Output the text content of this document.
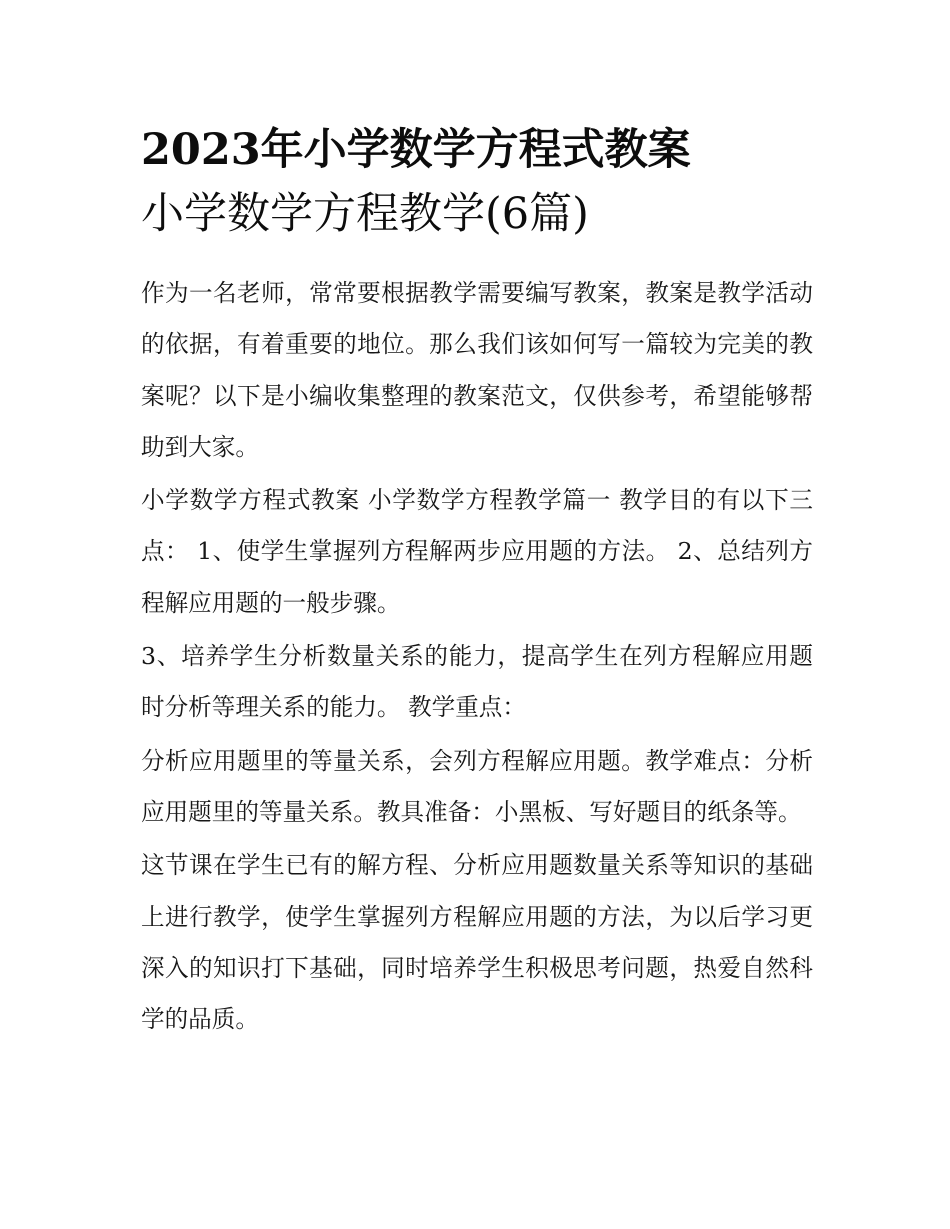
2023年小学数学方程式教案
小学数学方程教学(6篇)

作为一名老师，常常要根据教学需要编写教案，教案是教学活动的依据，有着重要的地位。那么我们该如何写一篇较为完美的教案呢？以下是小编收集整理的教案范文，仅供参考，希望能够帮助到大家。

小学数学方程式教案 小学数学方程教学篇一 教学目的有以下三点： 1、使学生掌握列方程解两步应用题的方法。 2、总结列方程解应用题的一般步骤。

3、培养学生分析数量关系的能力，提高学生在列方程解应用题时分析等理关系的能力。 教学重点：

分析应用题里的等量关系，会列方程解应用题。教学难点：分析应用题里的等量关系。教具准备：小黑板、写好题目的纸条等。

这节课在学生已有的解方程、分析应用题数量关系等知识的基础上进行教学，使学生掌握列方程解应用题的方法，为以后学习更深入的知识打下基础，同时培养学生积极思考问题，热爱自然科学的品质。
